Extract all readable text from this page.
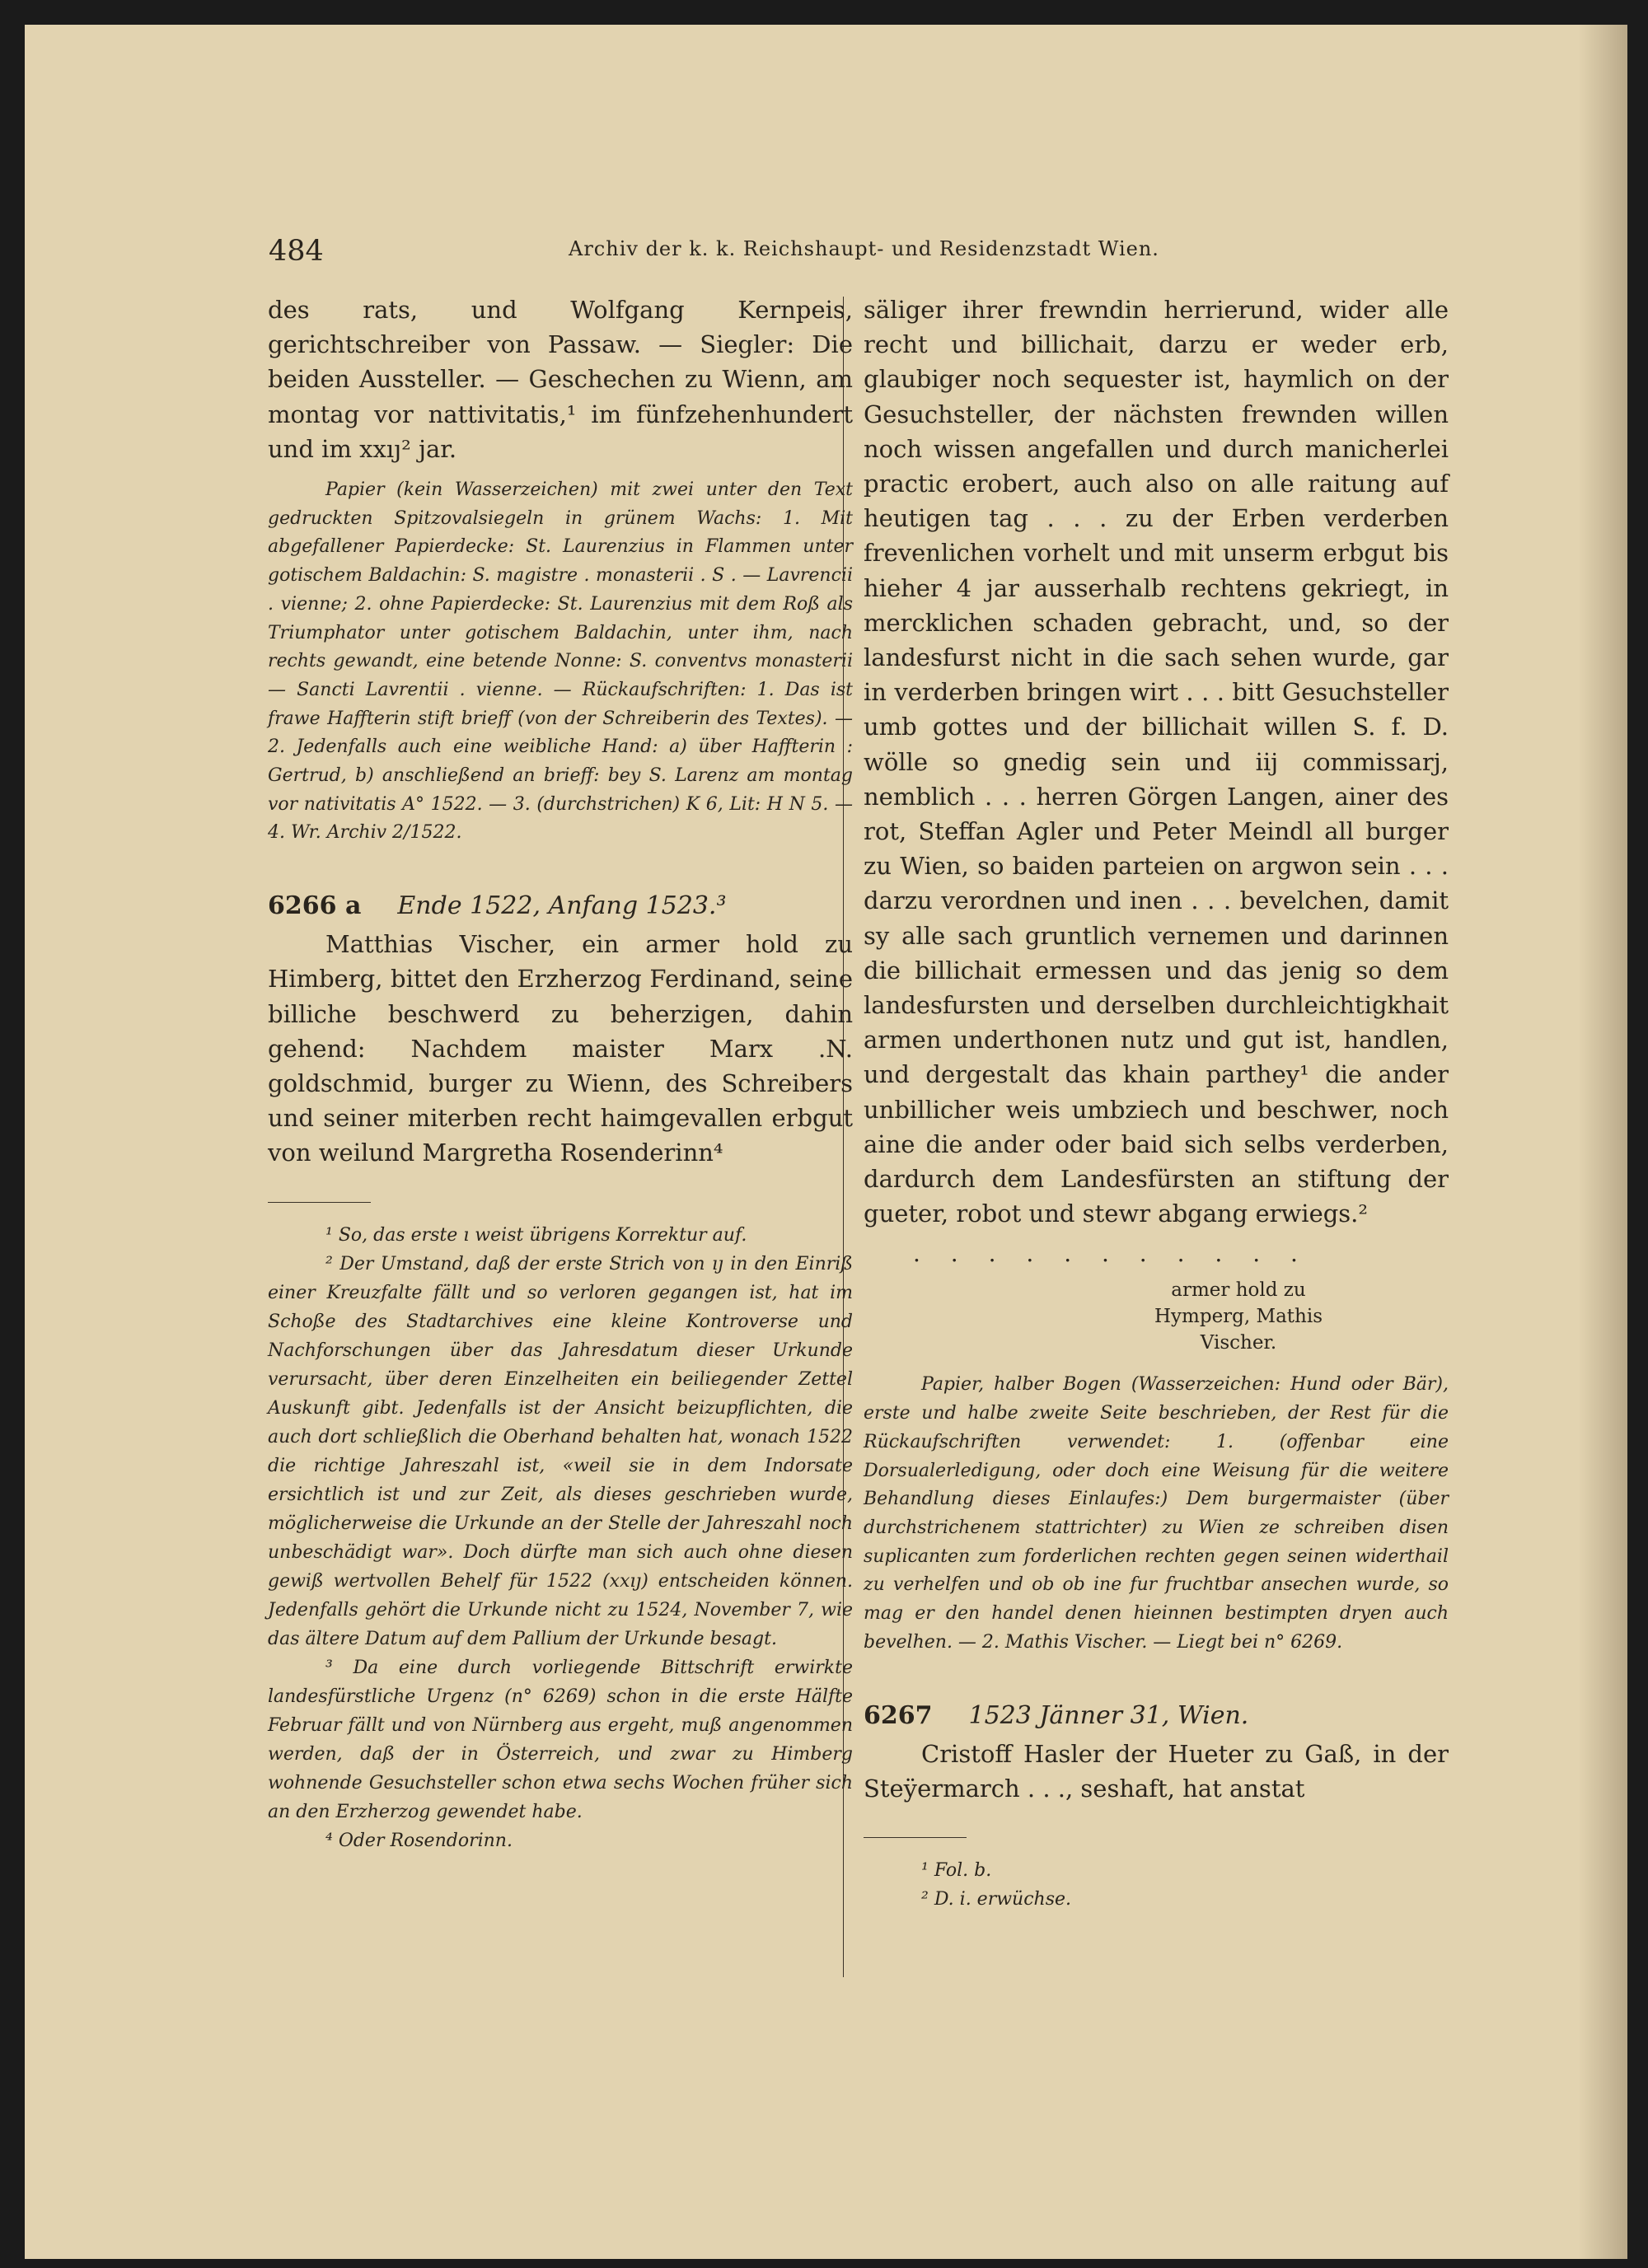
484	Archiv der k. k. Reichshaupt- und Residenzstadt Wien.

des rats, und Wolfgang Kernpeis, gerichtschreiber von Passaw. — Siegler: Die beiden Aussteller. — Geschechen zu Wienn, am montag vor nattivitatis,¹ im fünfzehenhundert und im xxıȷ² jar.

Papier (kein Wasserzeichen) mit zwei unter den Text gedruckten Spitzovalsiegeln in grünem Wachs: 1. Mit abgefallener Papierdecke: St. Laurenzius in Flammen unter gotischem Baldachin: S. magistre . monasterii . S . — Lavrencii . vienne; 2. ohne Papierdecke: St. Laurenzius mit dem Roß als Triumphator unter gotischem Baldachin, unter ihm, nach rechts gewandt, eine betende Nonne: S. conventvs monasterii — Sancti Lavrentii . vienne. — Rückaufschriften: 1. Das ist frawe Haffterin stift brieff (von der Schreiberin des Textes). — 2. Jedenfalls auch eine weibliche Hand: a) über Haffterin : Gertrud, b) anschließend an brieff: bey S. Larenz am montag vor nativitatis A° 1522. — 3. (durchstrichen) K 6, Lit: H N 5. — 4. Wr. Archiv 2/1522.

6266 a Ende 1522, Anfang 1523.³

Matthias Vischer, ein armer hold zu Himberg, bittet den Erzherzog Ferdinand, seine billiche beschwerd zu beherzigen, dahin gehend: Nachdem maister Marx .N. goldschmid, burger zu Wienn, des Schreibers und seiner miterben recht haimgevallen erbgut von weilund Margretha Rosenderinn⁴

¹ So, das erste ı weist übrigens Korrektur auf.

² Der Umstand, daß der erste Strich von ıȷ in den Einriß einer Kreuzfalte fällt und so verloren gegangen ist, hat im Schoße des Stadtarchives eine kleine Kontroverse und Nachforschungen über das Jahresdatum dieser Urkunde verursacht, über deren Einzelheiten ein beiliegender Zettel Auskunft gibt. Jedenfalls ist der Ansicht beizupflichten, die auch dort schließlich die Oberhand behalten hat, wonach 1522 die richtige Jahreszahl ist, «weil sie in dem Indorsate ersichtlich ist und zur Zeit, als dieses geschrieben wurde, möglicherweise die Urkunde an der Stelle der Jahreszahl noch unbeschädigt war». Doch dürfte man sich auch ohne diesen gewiß wertvollen Behelf für 1522 (xxıȷ) entscheiden können. Jedenfalls gehört die Urkunde nicht zu 1524, November 7, wie das ältere Datum auf dem Pallium der Urkunde besagt.

³ Da eine durch vorliegende Bittschrift erwirkte landesfürstliche Urgenz (n° 6269) schon in die erste Hälfte Februar fällt und von Nürnberg aus ergeht, muß angenommen werden, daß der in Österreich, und zwar zu Himberg wohnende Gesuchsteller schon etwa sechs Wochen früher sich an den Erzherzog gewendet habe.

⁴ Oder Rosendorinn.

säliger ihrer frewndin herrierund, wider alle recht und billichait, darzu er weder erb, glaubiger noch sequester ist, haymlich on der Gesuchsteller, der nächsten frewnden willen noch wissen angefallen und durch manicherlei practic erobert, auch also on alle raitung auf heutigen tag . . . zu der Erben verderben frevenlichen vorhelt und mit unserm erbgut bis hieher 4 jar ausserhalb rechtens gekriegt, in mercklichen schaden gebracht, und, so der landesfurst nicht in die sach sehen wurde, gar in verderben bringen wirt . . . bitt Gesuchsteller umb gottes und der billichait willen S. f. D. wölle so gnedig sein und iij commissarj, nemblich . . . herren Görgen Langen, ainer des rot, Steffan Agler und Peter Meindl all burger zu Wien, so baiden parteien on argwon sein . . . darzu verordnen und inen . . . bevelchen, damit sy alle sach gruntlich vernemen und darinnen die billichait ermessen und das jenig so dem landesfursten und derselben durchleichtigkhait armen underthonen nutz und gut ist, handlen, und dergestalt das khain parthey¹ die ander unbillicher weis umbziech und beschwer, noch aine die ander oder baid sich selbs verderben, dardurch dem Landesfürsten an stiftung der gueter, robot und stewr abgang erwiegs.²

. . . . . . . . . . .
armer hold zu
Hymperg, Mathis
Vischer.

Papier, halber Bogen (Wasserzeichen: Hund oder Bär), erste und halbe zweite Seite beschrieben, der Rest für die Rückaufschriften verwendet: 1. (offenbar eine Dorsualerledigung, oder doch eine Weisung für die weitere Behandlung dieses Einlaufes:) Dem burgermaister (über durchstrichenem stattrichter) zu Wien ze schreiben disen suplicanten zum forderlichen rechten gegen seinen widerthail zu verhelfen und ob ob ine fur fruchtbar ansechen wurde, so mag er den handel denen hieinnen bestimpten dryen auch bevelhen. — 2. Mathis Vischer. — Liegt bei n° 6269.

6267 1523 Jänner 31, Wien.

Cristoff Hasler der Hueter zu Gaß, in der Steÿermarch . . ., seshaft, hat anstat

¹ Fol. b.

² D. i. erwüchse.
